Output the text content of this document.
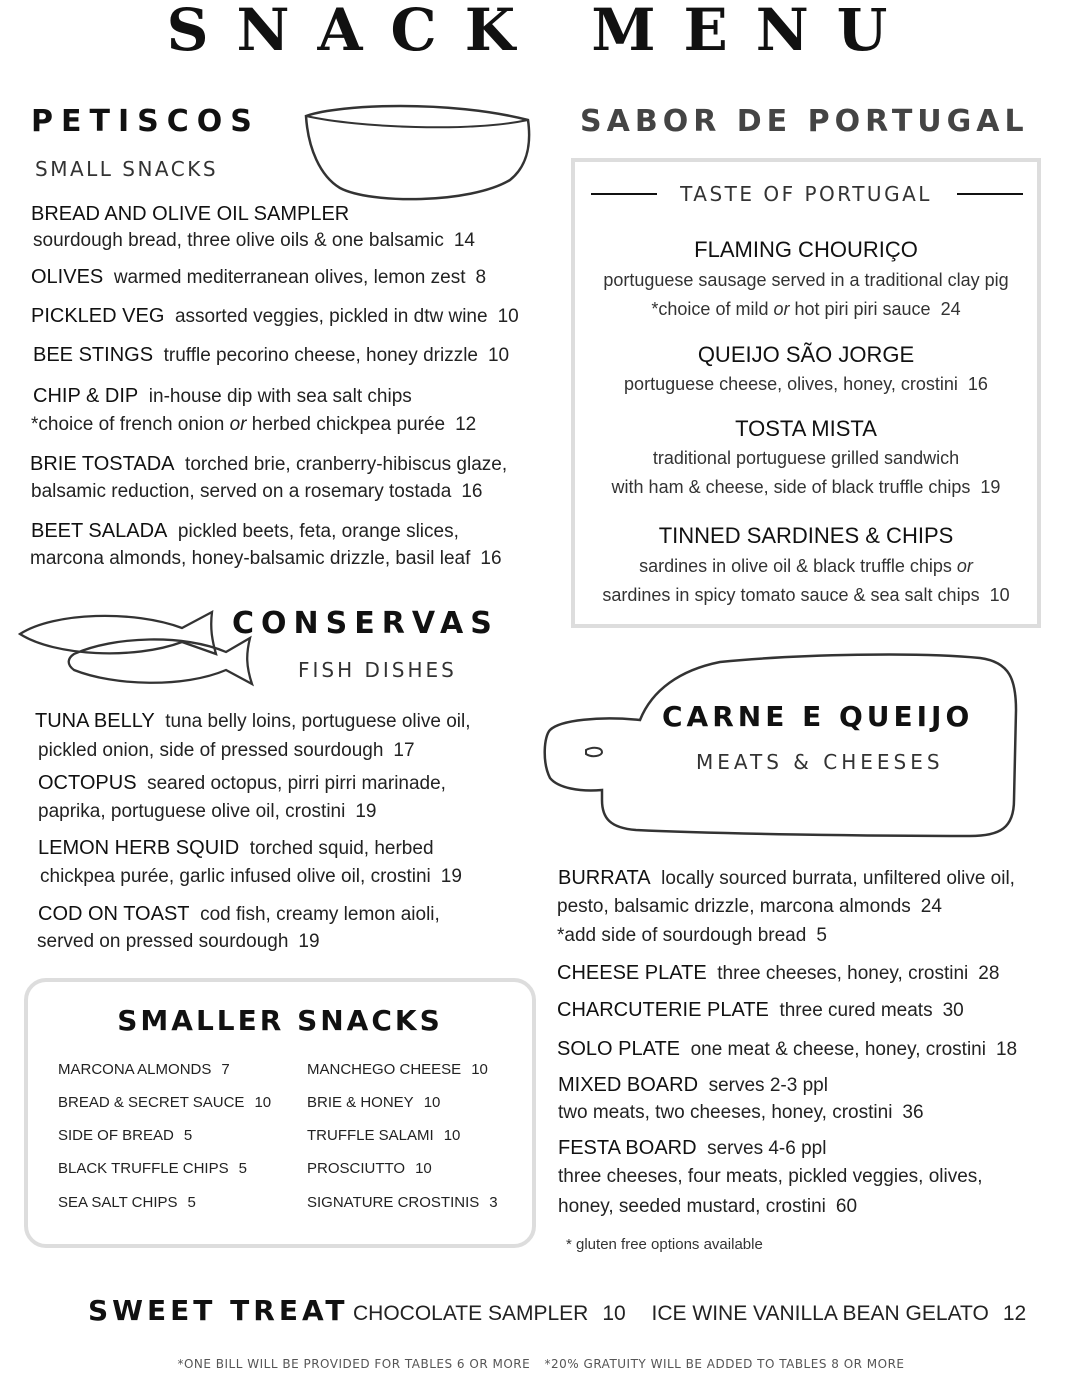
SNACK MENU
PETISCOS
SMALL SNACKS
BREAD AND OLIVE OIL SAMPLER
sourdough bread, three olive oils & one balsamic 14
OLIVES warmed mediterranean olives, lemon zest 8
PICKLED VEG assorted veggies, pickled in dtw wine 10
BEE STINGS truffle pecorino cheese, honey drizzle 10
CHIP & DIP in-house dip with sea salt chips
*choice of french onion or herbed chickpea purée 12
BRIE TOSTADA torched brie, cranberry-hibiscus glaze,
balsamic reduction, served on a rosemary tostada 16
BEET SALADA pickled beets, feta, orange slices,
marcona almonds, honey-balsamic drizzle, basil leaf 16
SABOR DE PORTUGAL
TASTE OF PORTUGAL
FLAMING CHOURIÇO
portuguese sausage served in a traditional clay pig
*choice of mild or hot piri piri sauce 24
QUEIJO SÃO JORGE
portuguese cheese, olives, honey, crostini 16
TOSTA MISTA
traditional portuguese grilled sandwich
with ham & cheese, side of black truffle chips 19
TINNED SARDINES & CHIPS
sardines in olive oil & black truffle chips or
sardines in spicy tomato sauce & sea salt chips 10
CONSERVAS
FISH DISHES
TUNA BELLY tuna belly loins, portuguese olive oil,
pickled onion, side of pressed sourdough 17
OCTOPUS seared octopus, pirri pirri marinade,
paprika, portuguese olive oil, crostini 19
LEMON HERB SQUID torched squid, herbed
chickpea purée, garlic infused olive oil, crostini 19
COD ON TOAST cod fish, creamy lemon aioli,
served on pressed sourdough 19
CARNE E QUEIJO
MEATS & CHEESES
BURRATA locally sourced burrata, unfiltered olive oil,
pesto, balsamic drizzle, marcona almonds 24
*add side of sourdough bread 5
CHEESE PLATE three cheeses, honey, crostini 28
CHARCUTERIE PLATE three cured meats 30
SOLO PLATE one meat & cheese, honey, crostini 18
MIXED BOARD serves 2-3 ppl
two meats, two cheeses, honey, crostini 36
FESTA BOARD serves 4-6 ppl
three cheeses, four meats, pickled veggies, olives,
honey, seeded mustard, crostini 60
* gluten free options available
SMALLER SNACKS
MARCONA ALMONDS 7
BREAD & SECRET SAUCE 10
SIDE OF BREAD 5
BLACK TRUFFLE CHIPS 5
SEA SALT CHIPS 5
MANCHEGO CHEESE 10
BRIE & HONEY 10
TRUFFLE SALAMI 10
PROSCIUTTO 10
SIGNATURE CROSTINIS 3
SWEET TREAT CHOCOLATE SAMPLER 10 ICE WINE VANILLA BEAN GELATO 12
*ONE BILL WILL BE PROVIDED FOR TABLES 6 OR MORE *20% GRATUITY WILL BE ADDED TO TABLES 8 OR MORE
